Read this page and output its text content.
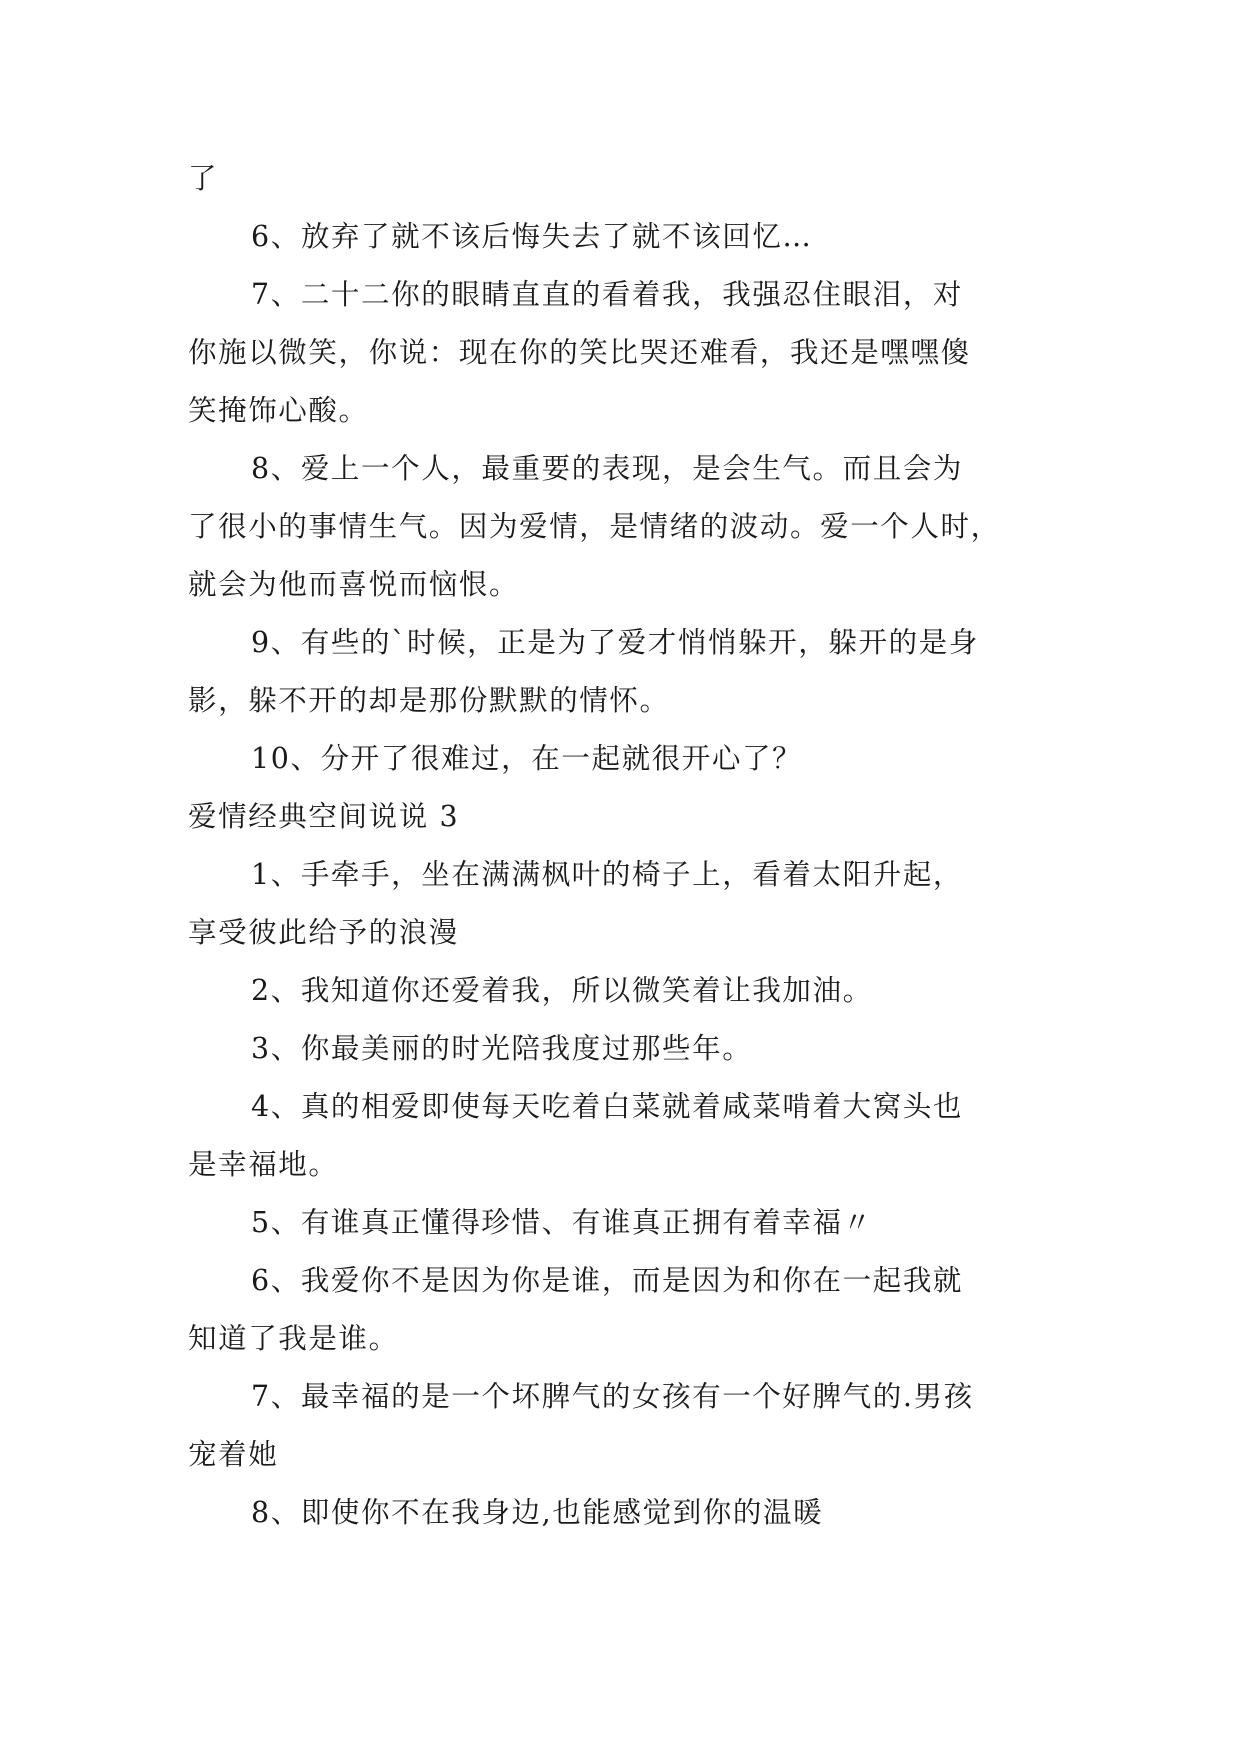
了
6、放弃了就不该后悔失去了就不该回忆…
7、二十二你的眼睛直直的看着我，我强忍住眼泪，对
你施以微笑，你说：现在你的笑比哭还难看，我还是嘿嘿傻
笑掩饰心酸。
8、爱上一个人，最重要的表现，是会生气。而且会为
了很小的事情生气。因为爱情，是情绪的波动。爱一个人时，
就会为他而喜悦而恼恨。
9、有些的`时候，正是为了爱才悄悄躲开，躲开的是身
影，躲不开的却是那份默默的情怀。
10、分开了很难过，在一起就很开心了？
爱情经典空间说说 3
1、手牵手，坐在满满枫叶的椅子上，看着太阳升起，
享受彼此给予的浪漫
2、我知道你还爱着我，所以微笑着让我加油。
3、你最美丽的时光陪我度过那些年。
4、真的相爱即使每天吃着白菜就着咸菜啃着大窝头也
是幸福地。
5、有谁真正懂得珍惜、有谁真正拥有着幸福〃
6、我爱你不是因为你是谁，而是因为和你在一起我就
知道了我是谁。
7、最幸福的是一个坏脾气的女孩有一个好脾气的.男孩
宠着她
8、即使你不在我身边,也能感觉到你的温暖
